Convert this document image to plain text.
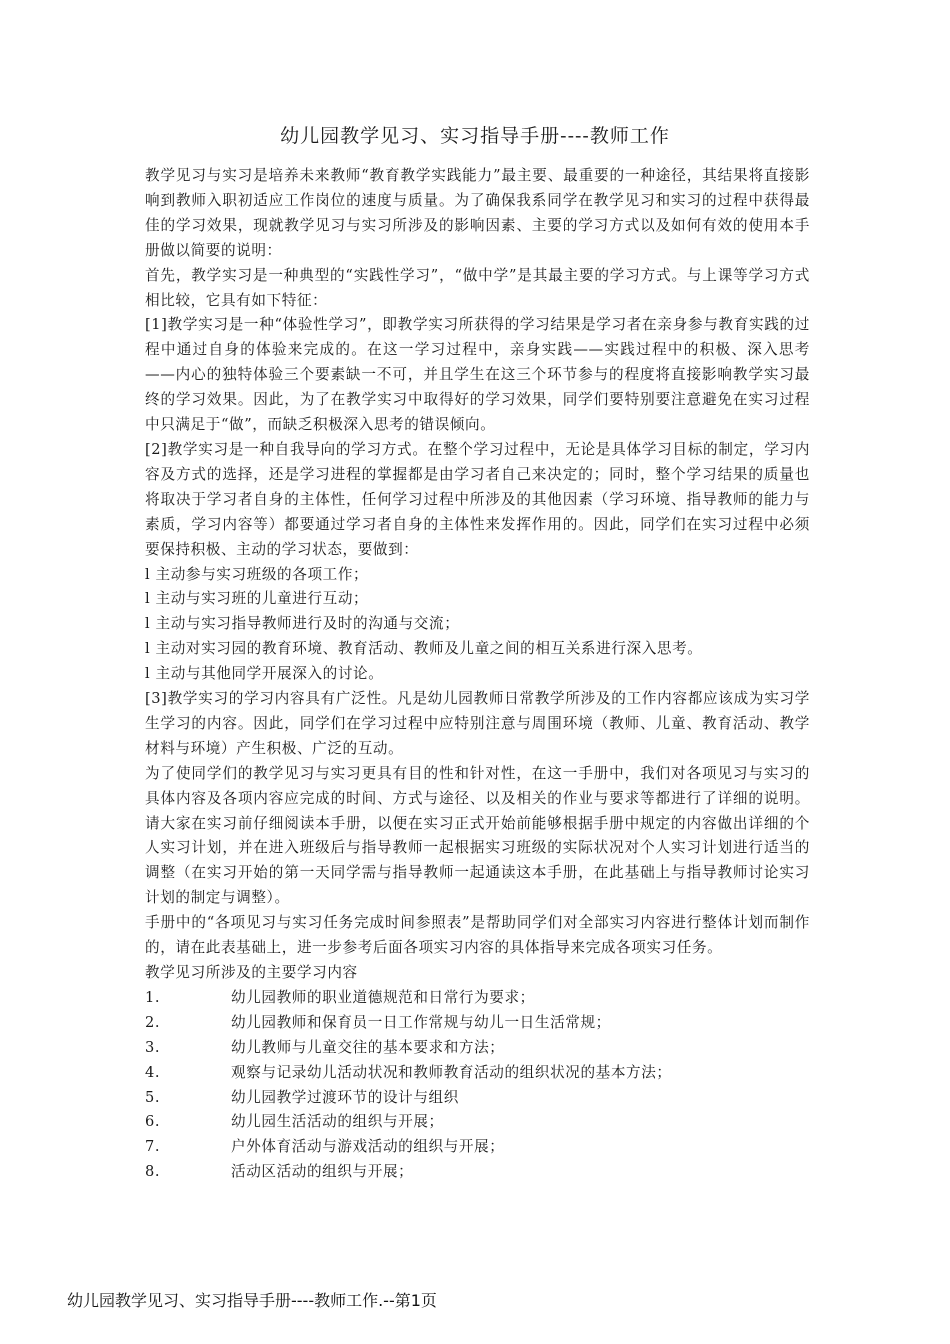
幼儿园教学见习、实习指导手册----教师工作

教学见习与实习是培养未来教师“教育教学实践能力”最主要、最重要的一种途径，其结果将直接影响到教师入职初适应工作岗位的速度与质量。为了确保我系同学在教学见习和实习的过程中获得最佳的学习效果，现就教学见习与实习所涉及的影响因素、主要的学习方式以及如何有效的使用本手册做以简要的说明：

首先，教学实习是一种典型的“实践性学习”，“做中学”是其最主要的学习方式。与上课等学习方式相比较，它具有如下特征：

[1]教学实习是一种“体验性学习”，即教学实习所获得的学习结果是学习者在亲身参与教育实践的过程中通过自身的体验来完成的。在这一学习过程中，亲身实践——实践过程中的积极、深入思考——内心的独特体验三个要素缺一不可，并且学生在这三个环节参与的程度将直接影响教学实习最终的学习效果。因此，为了在教学实习中取得好的学习效果，同学们要特别要注意避免在实习过程中只满足于“做”，而缺乏积极深入思考的错误倾向。

[2]教学实习是一种自我导向的学习方式。在整个学习过程中，无论是具体学习目标的制定，学习内容及方式的选择，还是学习进程的掌握都是由学习者自己来决定的；同时，整个学习结果的质量也将取决于学习者自身的主体性，任何学习过程中所涉及的其他因素（学习环境、指导教师的能力与素质，学习内容等）都要通过学习者自身的主体性来发挥作用的。因此，同学们在实习过程中必须要保持积极、主动的学习状态，要做到：

l 主动参与实习班级的各项工作；

l 主动与实习班的儿童进行互动；

l 主动与实习指导教师进行及时的沟通与交流；

l 主动对实习园的教育环境、教育活动、教师及儿童之间的相互关系进行深入思考。

l 主动与其他同学开展深入的讨论。

[3]教学实习的学习内容具有广泛性。凡是幼儿园教师日常教学所涉及的工作内容都应该成为实习学生学习的内容。因此，同学们在学习过程中应特别注意与周围环境（教师、儿童、教育活动、教学材料与环境）产生积极、广泛的互动。

为了使同学们的教学见习与实习更具有目的性和针对性，在这一手册中，我们对各项见习与实习的具体内容及各项内容应完成的时间、方式与途径、以及相关的作业与要求等都进行了详细的说明。请大家在实习前仔细阅读本手册，以便在实习正式开始前能够根据手册中规定的内容做出详细的个人实习计划，并在进入班级后与指导教师一起根据实习班级的实际状况对个人实习计划进行适当的调整（在实习开始的第一天同学需与指导教师一起通读这本手册，在此基础上与指导教师讨论实习计划的制定与调整）。

手册中的“各项见习与实习任务完成时间参照表”是帮助同学们对全部实习内容进行整体计划而制作的，请在此表基础上，进一步参考后面各项实习内容的具体指导来完成各项实习任务。

教学见习所涉及的主要学习内容

1.	幼儿园教师的职业道德规范和日常行为要求；
2.	幼儿园教师和保育员一日工作常规与幼儿一日生活常规；
3.	幼儿教师与儿童交往的基本要求和方法；
4.	观察与记录幼儿活动状况和教师教育活动的组织状况的基本方法；
5.	幼儿园教学过渡环节的设计与组织
6.	幼儿园生活活动的组织与开展；
7.	户外体育活动与游戏活动的组织与开展；
8.	活动区活动的组织与开展；

幼儿园教学见习、实习指导手册----教师工作.--第1页
